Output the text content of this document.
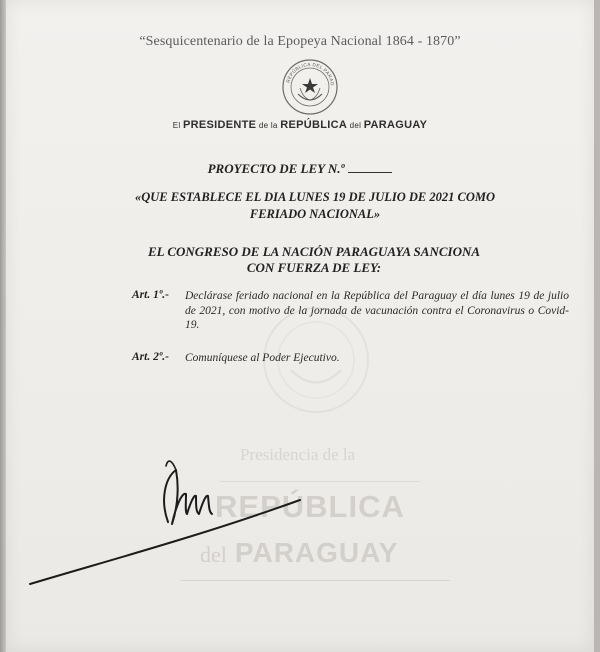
“Sesquicentenario de la Epopeya Nacional 1864 - 1870”
REPÚBLICA DEL PARAG
El PRESIDENTE de la REPÚBLICA del PARAGUAY
PROYECTO DE LEY N.º
«QUE ESTABLECE EL DIA LUNES 19 DE JULIO DE 2021 COMO FERIADO NACIONAL»
EL CONGRESO DE LA NACIÓN PARAGUAYA SANCIONA CON FUERZA DE LEY:
Art. 1º.- Declárase feriado nacional en la República del Paraguay el día lunes 19 de julio de 2021, con motivo de la jornada de vacunación contra el Coronavirus o Covid-19.
Art. 2º.- Comuníquese al Poder Ejecutivo.
Presidencia de la
REPÚBLICA
del PARAGUAY
